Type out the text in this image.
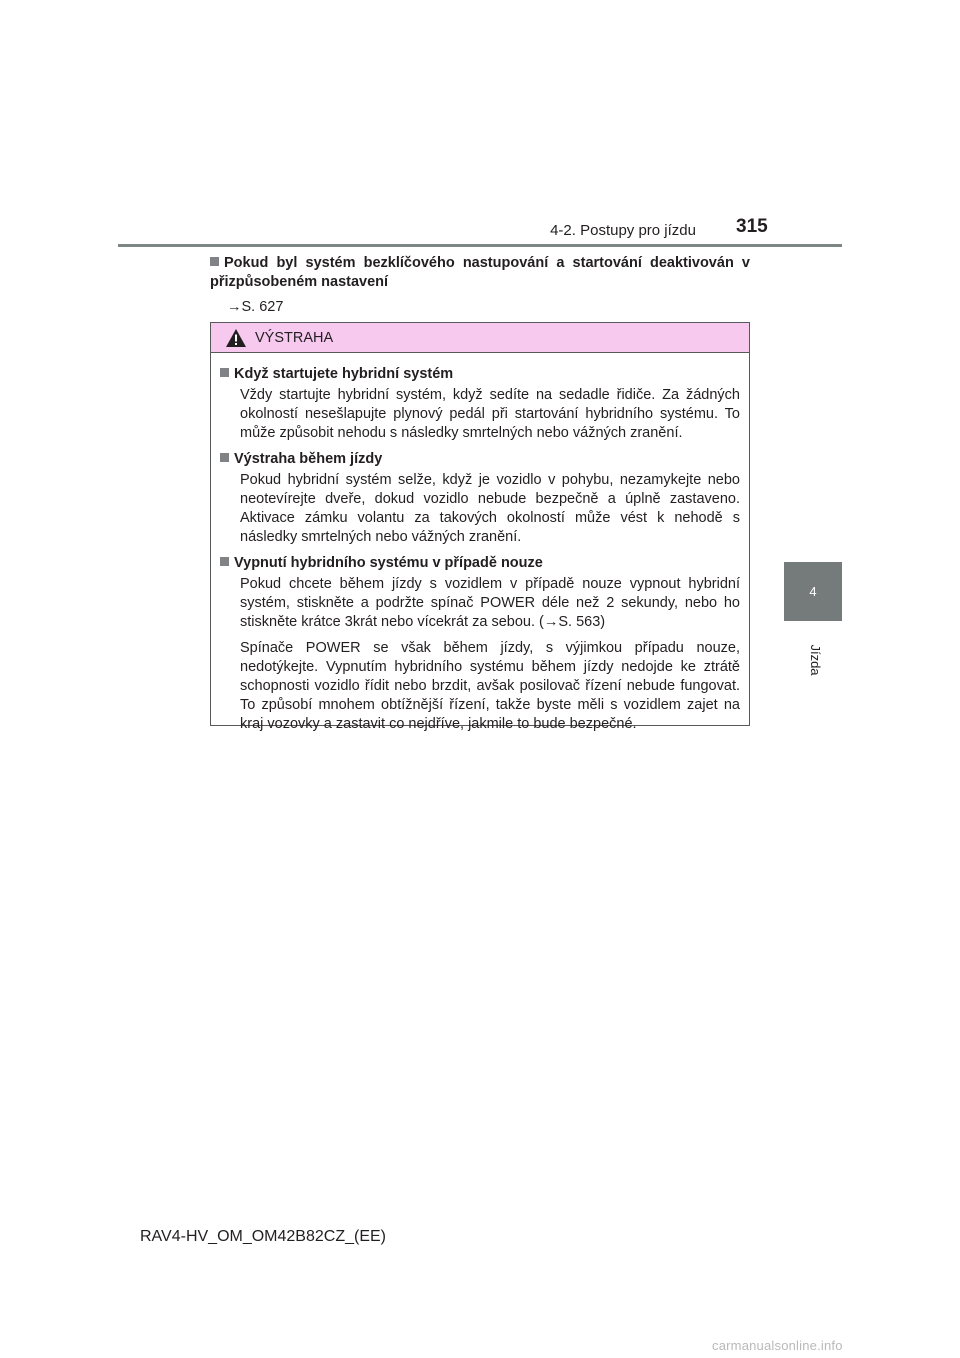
4-2. Postupy pro jízdu 315
4
Jízda

Pokud byl systém bezklíčového nastupování a startování deaktivován v přizpůsobeném nastavení

→S. 627

VÝSTRAHA

Když startujete hybridní systém

Vždy startujte hybridní systém, když sedíte na sedadle řidiče. Za žádných okolností nesešlapujte plynový pedál při startování hybridního systému. To může způsobit nehodu s následky smrtelných nebo vážných zranění.

Výstraha během jízdy

Pokud hybridní systém selže, když je vozidlo v pohybu, nezamykejte nebo neotevírejte dveře, dokud vozidlo nebude bezpečně a úplně zastaveno. Aktivace zámku volantu za takových okolností může vést k nehodě s následky smrtelných nebo vážných zranění.

Vypnutí hybridního systému v případě nouze

Pokud chcete během jízdy s vozidlem v případě nouze vypnout hybridní systém, stiskněte a podržte spínač POWER déle než 2 sekundy, nebo ho stiskněte krátce 3krát nebo vícekrát za sebou. (→S. 563)

Spínače POWER se však během jízdy, s výjimkou případu nouze, nedotýkejte. Vypnutím hybridního systému během jízdy nedojde ke ztrátě schopnosti vozidlo řídit nebo brzdit, avšak posilovač řízení nebude fungovat. To způsobí mnohem obtížnější řízení, takže byste měli s vozidlem zajet na kraj vozovky a zastavit co nejdříve, jakmile to bude bezpečné.

RAV4-HV_OM_OM42B82CZ_(EE)
carmanualsonline.info
